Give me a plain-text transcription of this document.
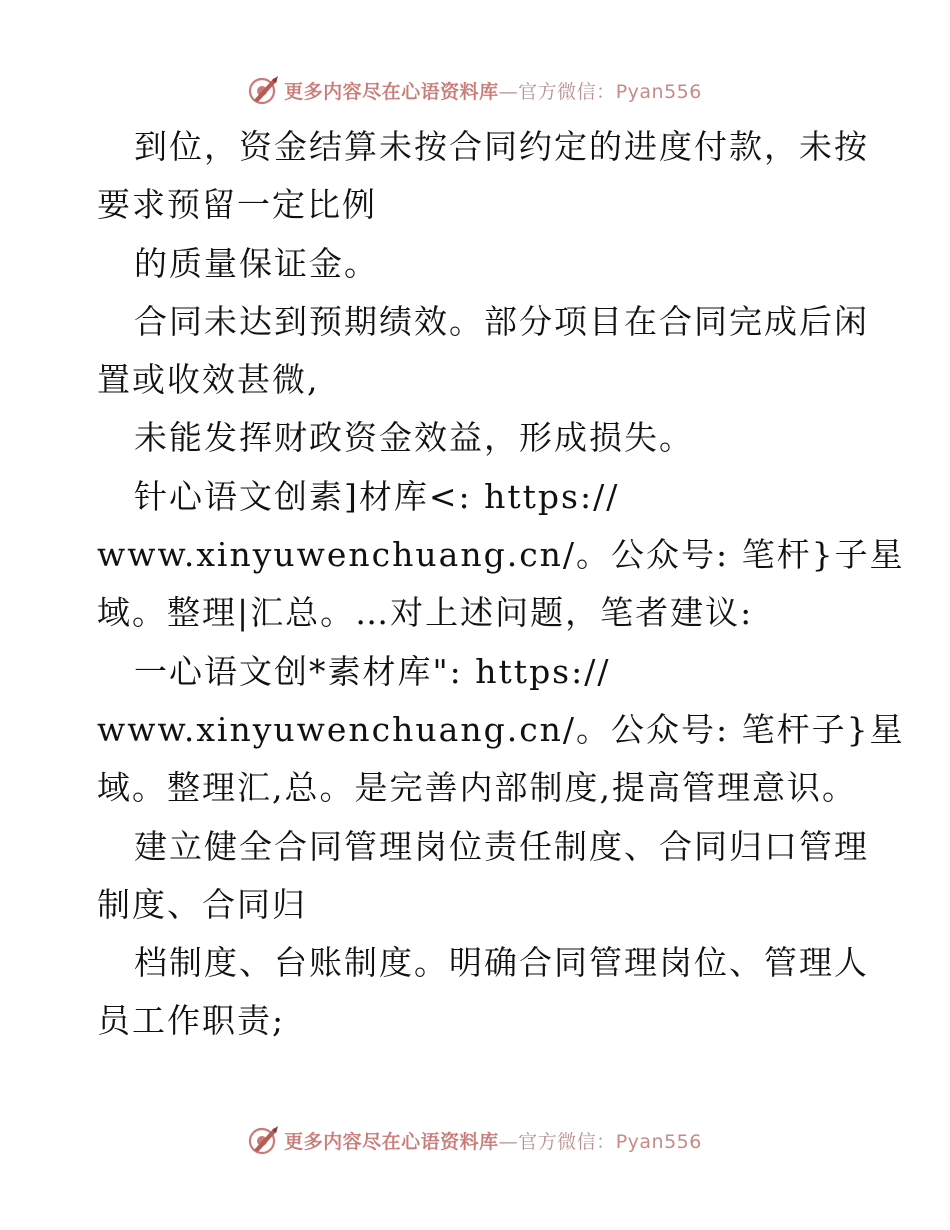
更多内容尽在心语资料库—官方微信：Pyan556
到位，资金结算未按合同约定的进度付款，未按
要求预留一定比例
的质量保证金。
合同未达到预期绩效。部分项目在合同完成后闲
置或收效甚微,
未能发挥财政资金效益，形成损失。
针心语文创素]材库<: https://
www.xinyuwenchuang.cn/。公众号: 笔杆}子星
域。整理|汇总。…对上述问题，笔者建议:
一心语文创*素材库": https://
www.xinyuwenchuang.cn/。公众号: 笔杆子}星
域。整理汇,总。是完善内部制度,提高管理意识。
建立健全合同管理岗位责任制度、合同归口管理
制度、合同归
档制度、台账制度。明确合同管理岗位、管理人
员工作职责;
更多内容尽在心语资料库—官方微信：Pyan556
